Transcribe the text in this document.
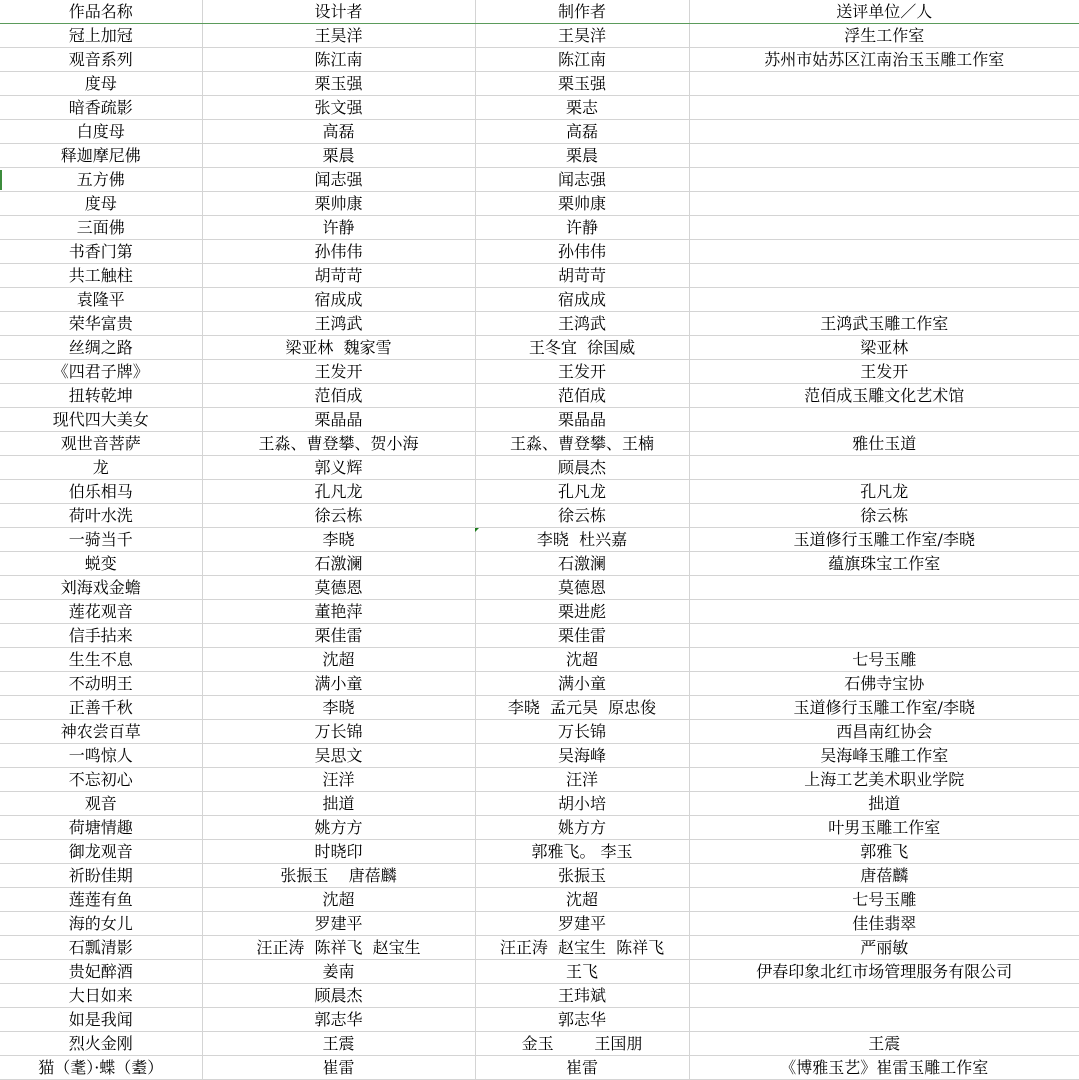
作品名称	设计者	制作者	送评单位／人
冠上加冠	王昊洋	王昊洋	浮生工作室
观音系列	陈江南	陈江南	苏州市姑苏区江南治玉玉雕工作室
度母	栗玉强	栗玉强	
暗香疏影	张文强	栗志	
白度母	高磊	高磊	
释迦摩尼佛	栗晨	栗晨	
五方佛	闻志强	闻志强	
度母	栗帅康	栗帅康	
三面佛	许静	许静	
书香门第	孙伟伟	孙伟伟	
共工触柱	胡苛苛	胡苛苛	
袁隆平	宿成成	宿成成	
荣华富贵	王鸿武	王鸿武	王鸿武玉雕工作室
丝绸之路	梁亚林  魏家雪	王冬宜  徐国威	梁亚林
《四君子牌》	王发开	王发开	王发开
扭转乾坤	范佰成	范佰成	范佰成玉雕文化艺术馆
现代四大美女	栗晶晶	栗晶晶	
观世音菩萨	王淼、曹登攀、贺小海	王淼、曹登攀、王楠	雅仕玉道
龙	郭义辉	顾晨杰	
伯乐相马	孔凡龙	孔凡龙	孔凡龙
荷叶水洗	徐云栋	徐云栋	徐云栋
一骑当千	李晓	李晓  杜兴嘉	玉道修行玉雕工作室/李晓
蜕变	石激澜	石激澜	蕴旗珠宝工作室
刘海戏金蟾	莫德恩	莫德恩	
莲花观音	董艳萍	栗进彪	
信手拈来	栗佳雷	栗佳雷	
生生不息	沈超	沈超	七号玉雕
不动明王	满小童	满小童	石佛寺宝协
正善千秋	李晓	李晓  孟元昊  原忠俊	玉道修行玉雕工作室/李晓
神农尝百草	万长锦	万长锦	西昌南红协会
一鸣惊人	吴思文	吴海峰	吴海峰玉雕工作室
不忘初心	汪洋	汪洋	上海工艺美术职业学院
观音	拙道	胡小培	拙道
荷塘情趣	姚方方	姚方方	叶男玉雕工作室
御龙观音	时晓印	郭雅飞。 李玉	郭雅飞
祈盼佳期	张振玉    唐蓓麟	张振玉	唐蓓麟
莲莲有鱼	沈超	沈超	七号玉雕
海的女儿	罗建平	罗建平	佳佳翡翠
石瓢清影	汪正涛  陈祥飞  赵宝生	汪正涛  赵宝生  陈祥飞	严丽敏
贵妃醉酒	姜南	王飞	伊春印象北红市场管理服务有限公司
大日如来	顾晨杰	王玮斌	
如是我闻	郭志华	郭志华	
烈火金刚	王震	金玉        王国朋	王震
猫（耄）·蝶（耋）	崔雷	崔雷	《博雅玉艺》崔雷玉雕工作室
